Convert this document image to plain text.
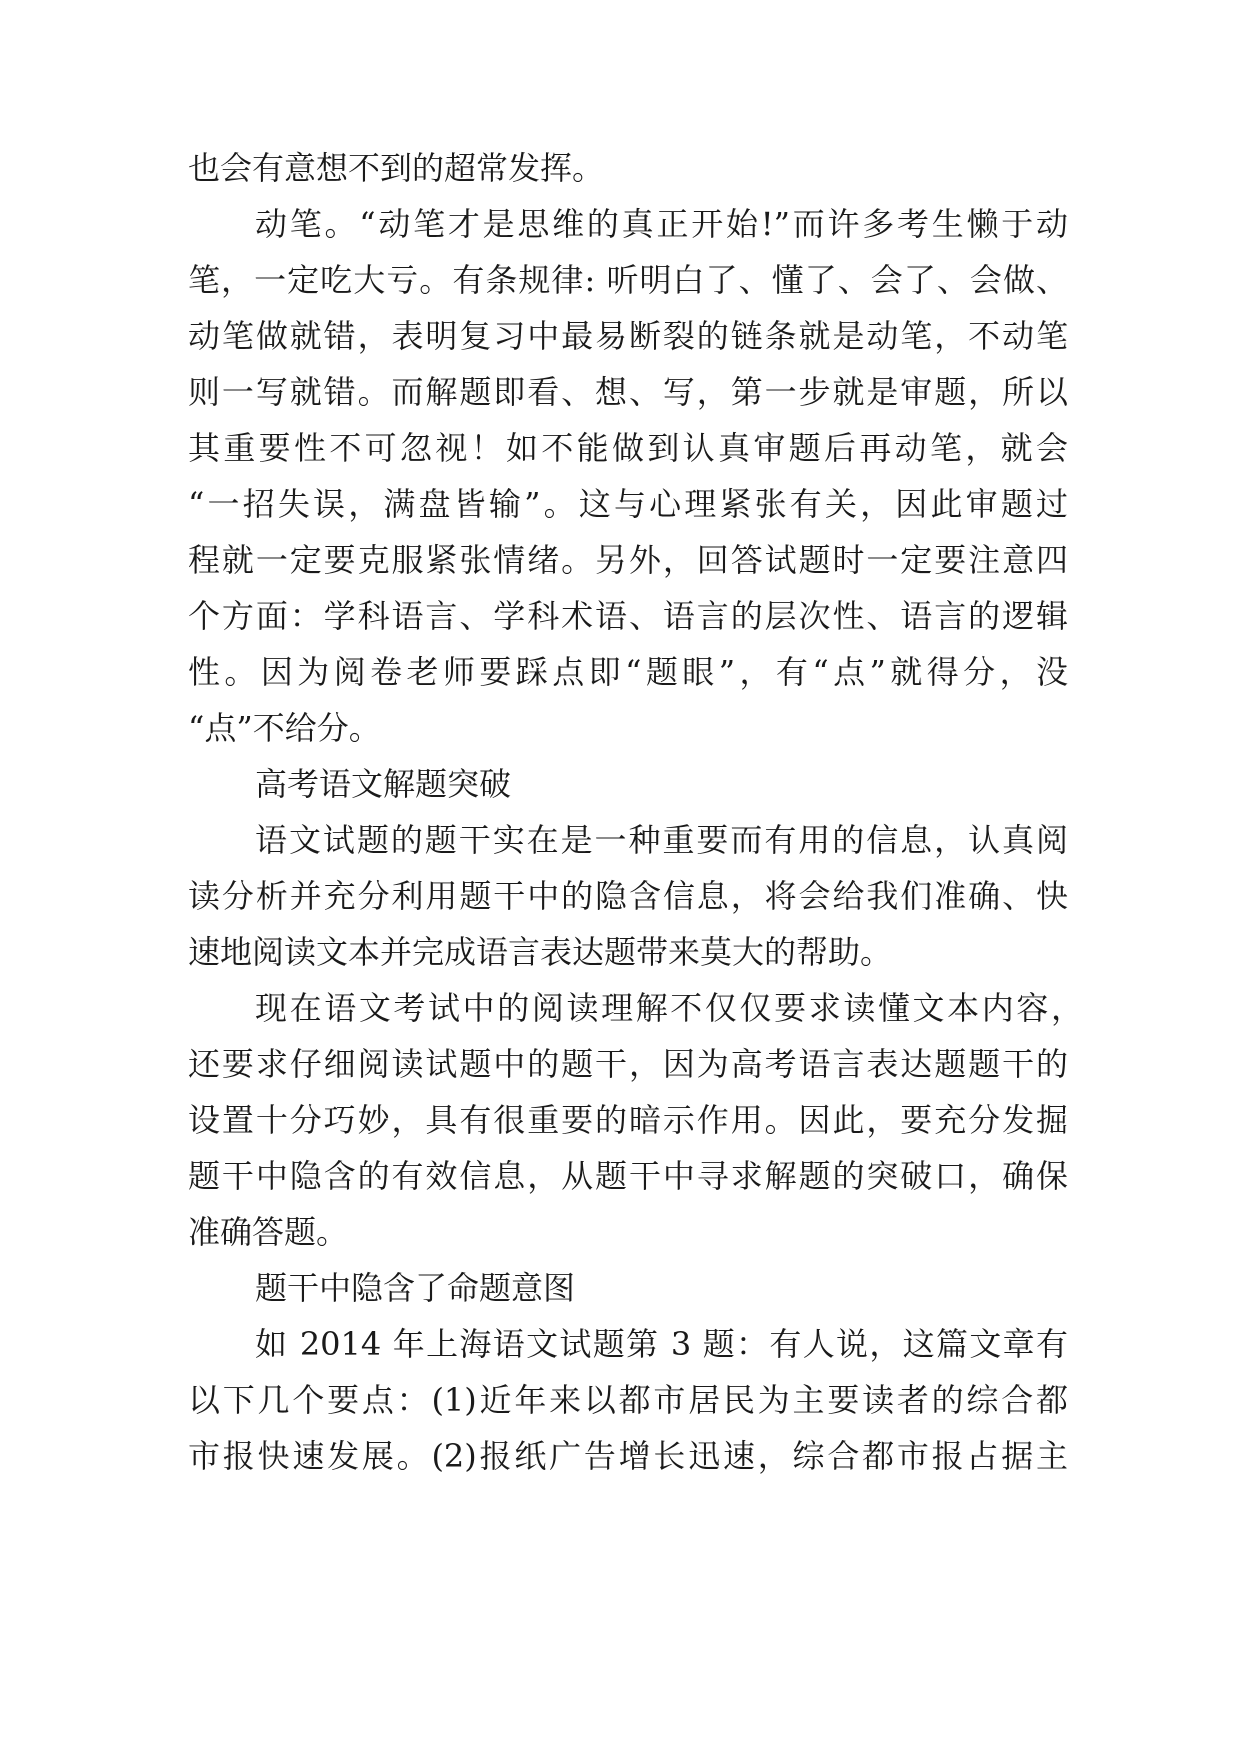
也会有意想不到的超常发挥。
动笔。“动笔才是思维的真正开始!”而许多考生懒于动
笔，一定吃大亏。有条规律: 听明白了、懂了、会了、会做、
动笔做就错，表明复习中最易断裂的链条就是动笔，不动笔
则一写就错。而解题即看、想、写，第一步就是审题，所以
其重要性不可忽视！如不能做到认真审题后再动笔，就会
“一招失误，满盘皆输”。这与心理紧张有关，因此审题过
程就一定要克服紧张情绪。另外，回答试题时一定要注意四
个方面：学科语言、学科术语、语言的层次性、语言的逻辑
性。因为阅卷老师要踩点即“题眼”，有“点”就得分，没
“点”不给分。
高考语文解题突破
语文试题的题干实在是一种重要而有用的信息，认真阅
读分析并充分利用题干中的隐含信息，将会给我们准确、快
速地阅读文本并完成语言表达题带来莫大的帮助。
现在语文考试中的阅读理解不仅仅要求读懂文本内容，
还要求仔细阅读试题中的题干，因为高考语言表达题题干的
设置十分巧妙，具有很重要的暗示作用。因此，要充分发掘
题干中隐含的有效信息，从题干中寻求解题的突破口，确保
准确答题。
题干中隐含了命题意图
如 2014 年上海语文试题第 3 题：有人说，这篇文章有
以下几个要点：(1)近年来以都市居民为主要读者的综合都
市报快速发展。(2)报纸广告增长迅速，综合都市报占据主
